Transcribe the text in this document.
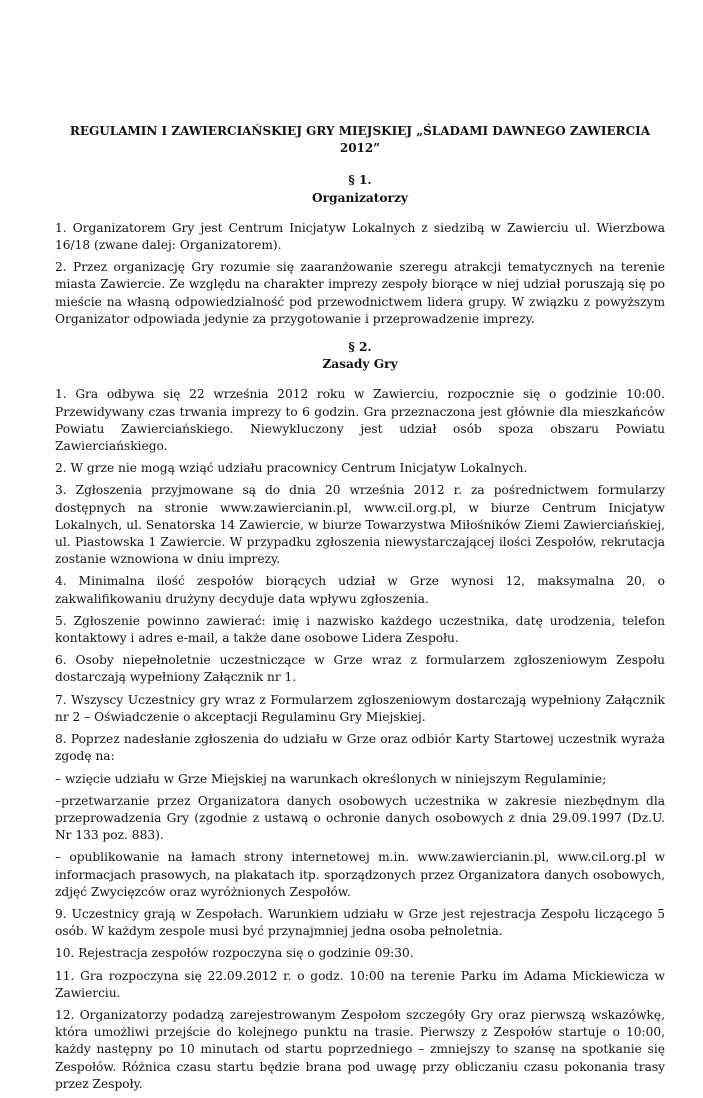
REGULAMIN I ZAWIERCIAŃSKIEJ GRY MIEJSKIEJ „ŚLADAMI DAWNEGO ZAWIERCIA 2012”
§ 1.
Organizatorzy

1. Organizatorem Gry jest Centrum Inicjatyw Lokalnych z siedzibą w Zawierciu ul. Wierzbowa 16/18 (zwane dalej: Organizatorem).

2. Przez organizację Gry rozumie się zaaranżowanie szeregu atrakcji tematycznych na terenie miasta Zawiercie. Ze względu na charakter imprezy zespoły biorące w niej udział poruszają się po mieście na własną odpowiedzialność pod przewodnictwem lidera grupy. W związku z powyższym Organizator odpowiada jedynie za przygotowanie i przeprowadzenie imprezy.

§ 2.
Zasady Gry

1. Gra odbywa się 22 września 2012 roku w Zawierciu, rozpocznie się o godzinie 10:00. Przewidywany czas trwania imprezy to 6 godzin. Gra przeznaczona jest głównie dla mieszkańców Powiatu Zawierciańskiego. Niewykluczony jest udział osób spoza obszaru Powiatu Zawierciańskiego.

2. W grze nie mogą wziąć udziału pracownicy Centrum Inicjatyw Lokalnych.

3. Zgłoszenia przyjmowane są do dnia 20 września 2012 r. za pośrednictwem formularzy dostępnych na stronie www.zawiercianin.pl, www.cil.org.pl, w biurze Centrum Inicjatyw Lokalnych, ul. Senatorska 14 Zawiercie, w biurze Towarzystwa Miłośników Ziemi Zawierciańskiej, ul. Piastowska 1 Zawiercie. W przypadku zgłoszenia niewystarczającej ilości Zespołów, rekrutacja zostanie wznowiona w dniu imprezy.

4. Minimalna ilość zespołów biorących udział w Grze wynosi 12, maksymalna 20, o zakwalifikowaniu drużyny decyduje data wpływu zgłoszenia.

5. Zgłoszenie powinno zawierać: imię i nazwisko każdego uczestnika, datę urodzenia, telefon kontaktowy i adres e-mail, a także dane osobowe Lidera Zespołu.

6. Osoby niepełnoletnie uczestniczące w Grze wraz z formularzem zgłoszeniowym Zespołu dostarczają wypełniony Załącznik nr 1.

7. Wszyscy Uczestnicy gry wraz z Formularzem zgłoszeniowym dostarczają wypełniony Załącznik nr 2 – Oświadczenie o akceptacji Regulaminu Gry Miejskiej.

8. Poprzez nadesłanie zgłoszenia do udziału w Grze oraz odbiór Karty Startowej uczestnik wyraża zgodę na:

– wzięcie udziału w Grze Miejskiej na warunkach określonych w niniejszym Regulaminie;

–przetwarzanie przez Organizatora danych osobowych uczestnika w zakresie niezbędnym dla przeprowadzenia Gry (zgodnie z ustawą o ochronie danych osobowych z dnia 29.09.1997 (Dz.U. Nr 133 poz. 883).

– opublikowanie na łamach strony internetowej m.in. www.zawiercianin.pl, www.cil.org.pl w informacjach prasowych, na plakatach itp. sporządzonych przez Organizatora danych osobowych, zdjęć Zwycięzców oraz wyróżnionych Zespołów.

9. Uczestnicy grają w Zespołach. Warunkiem udziału w Grze jest rejestracja Zespołu liczącego 5 osób. W każdym zespole musi być przynajmniej jedna osoba pełnoletnia.

10. Rejestracja zespołów rozpoczyna się o godzinie 09:30.

11. Gra rozpoczyna się 22.09.2012 r. o godz. 10:00 na terenie Parku im Adama Mickiewicza w Zawierciu.

12. Organizatorzy podadzą zarejestrowanym Zespołom szczegóły Gry oraz pierwszą wskazówkę, która umożliwi przejście do kolejnego punktu na trasie. Pierwszy z Zespołów startuje o 10:00, każdy następny po 10 minutach od startu poprzedniego – zmniejszy to szansę na spotkanie się Zespołów. Różnica czasu startu będzie brana pod uwagę przy obliczaniu czasu pokonania trasy przez Zespoły.
